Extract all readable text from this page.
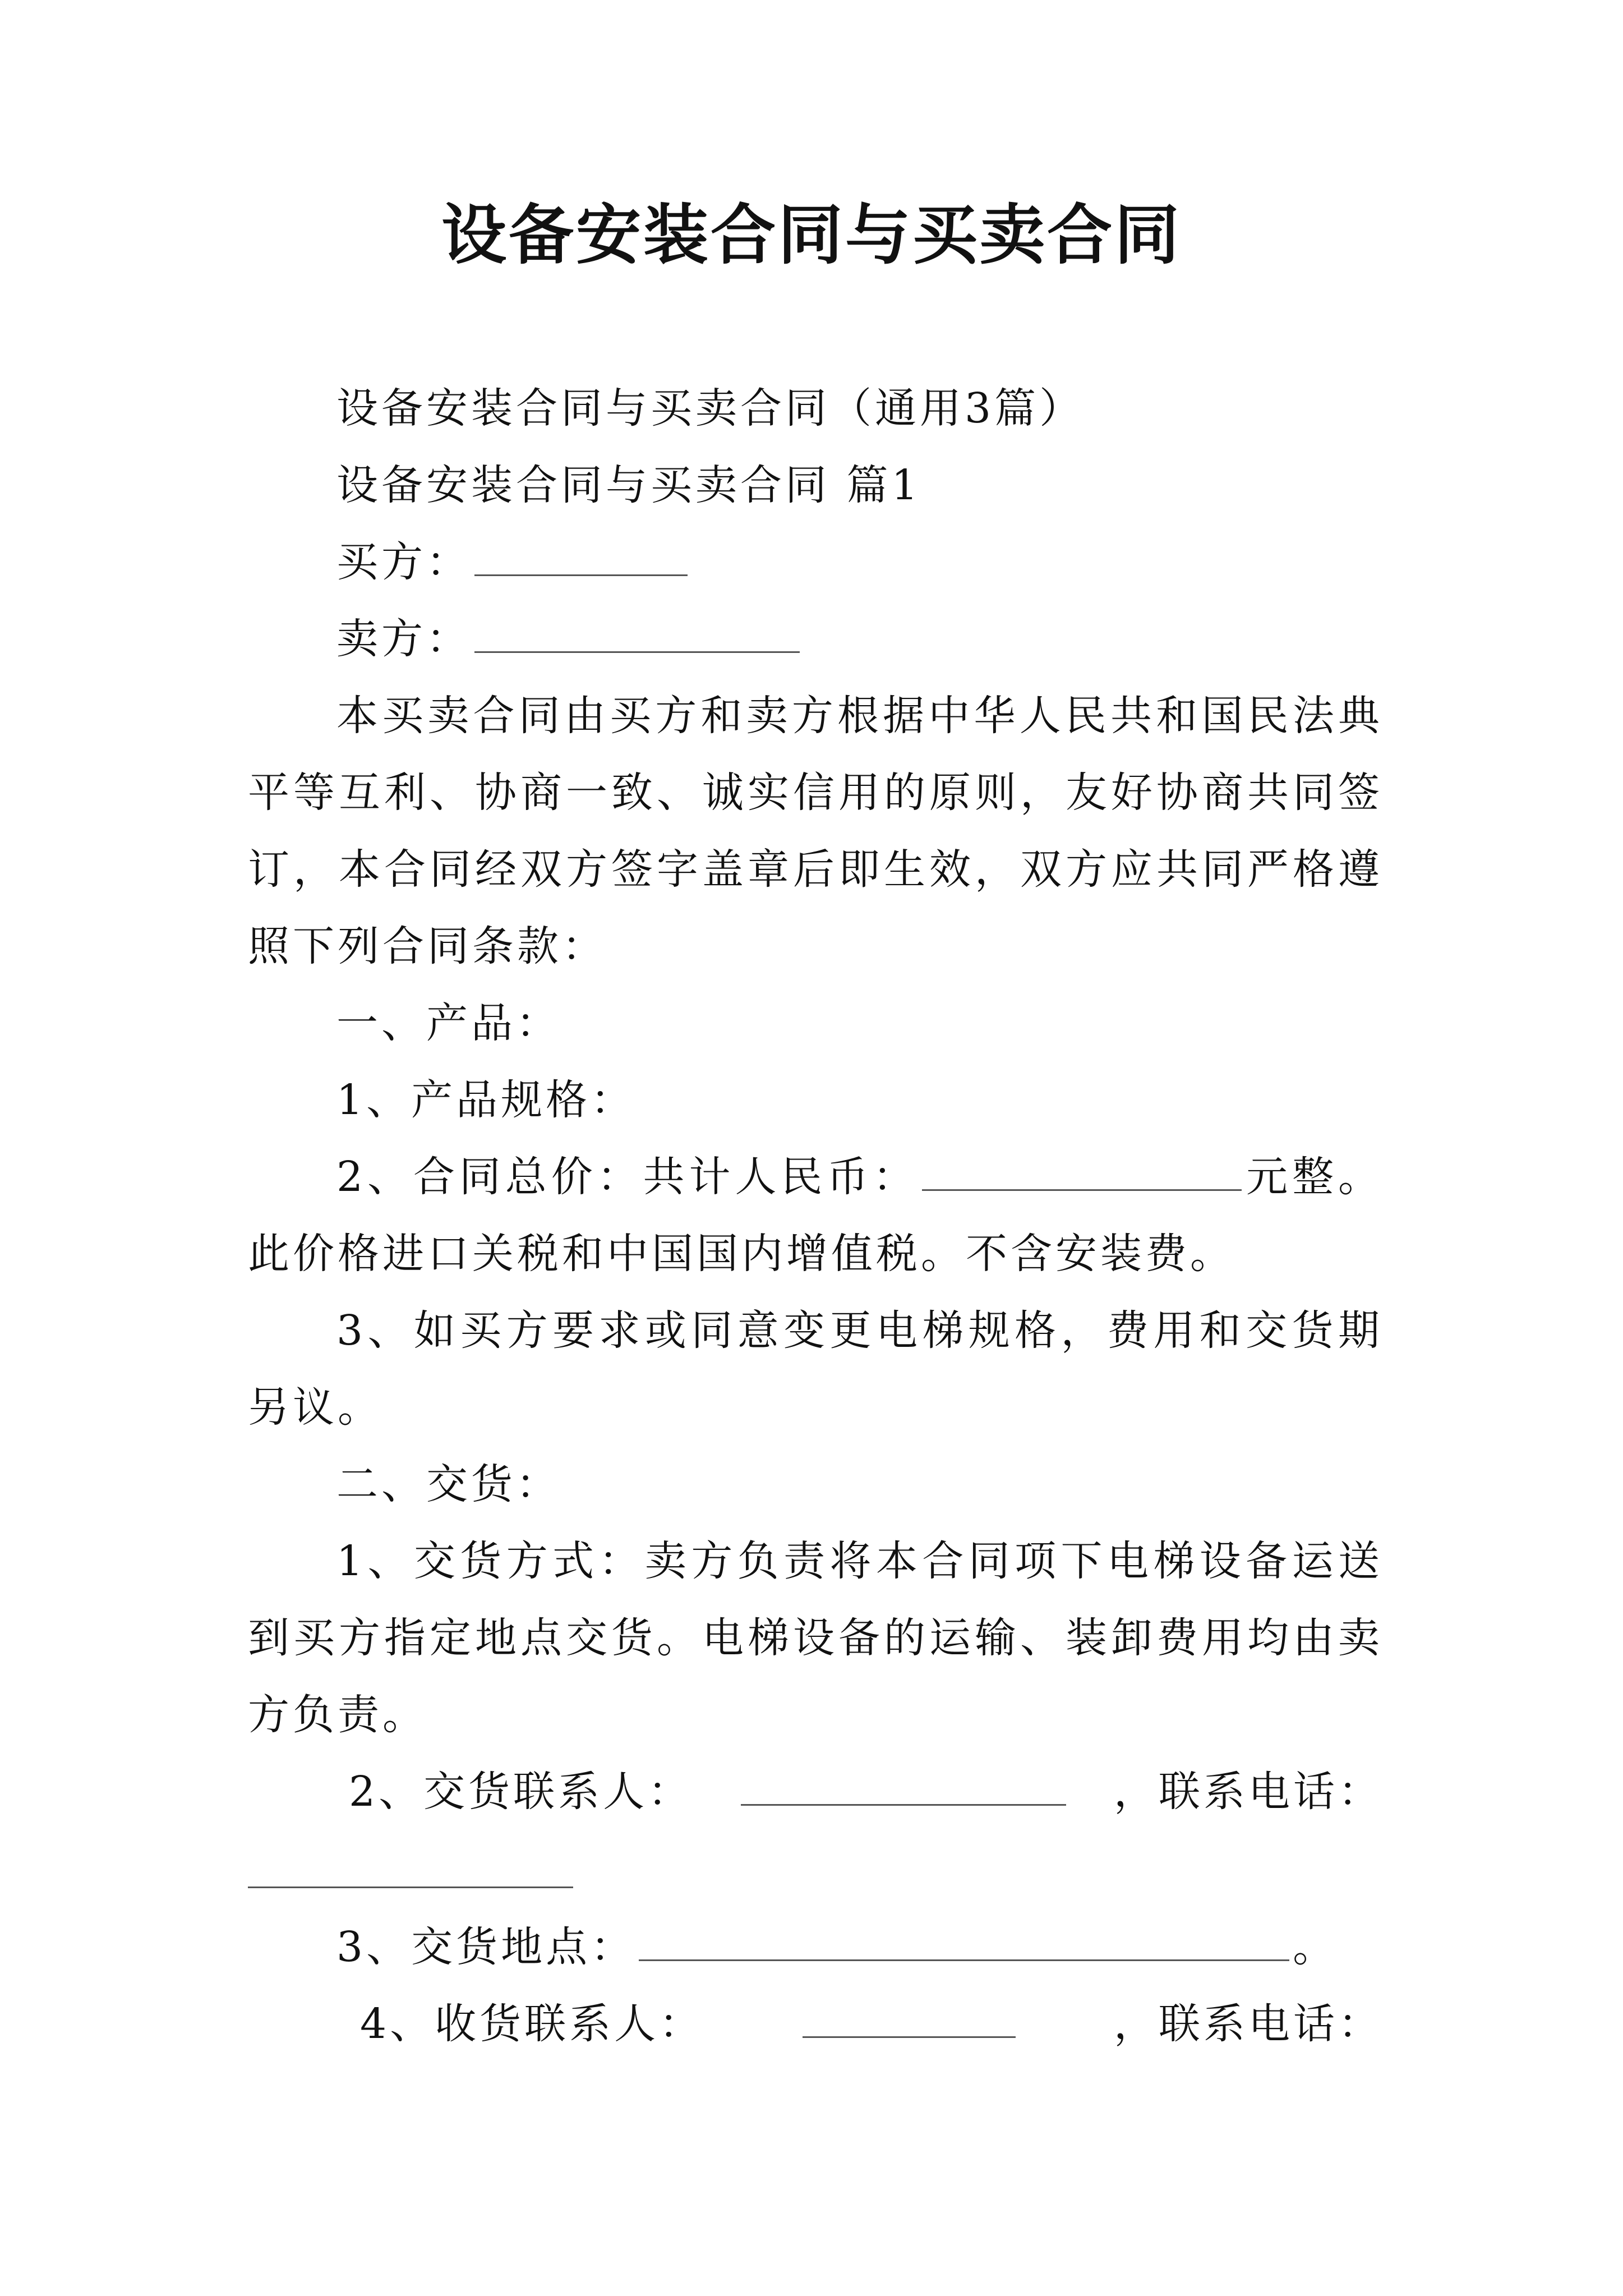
设备安装合同与买卖合同

设备安装合同与买卖合同（通用3篇）

设备安装合同与买卖合同 篇1

买方：

卖方：

本买卖合同由买方和卖方根据中华人民共和国民法典平等互利、协商一致、诚实信用的原则，友好协商共同签订，本合同经双方签字盖章后即生效，双方应共同严格遵照下列合同条款：

一、产品：

1、产品规格：

2、合同总价：共计人民币：	元整。此价格进口关税和中国国内增值税。不含安装费。

3、如买方要求或同意变更电梯规格，费用和交货期另议。

二、交货：

1、交货方式：卖方负责将本合同项下电梯设备运送到买方指定地点交货。电梯设备的运输、装卸费用均由卖方负责。

2、交货联系人：	，联系电话：

3、交货地点：	。

4、收货联系人：	，联系电话：
